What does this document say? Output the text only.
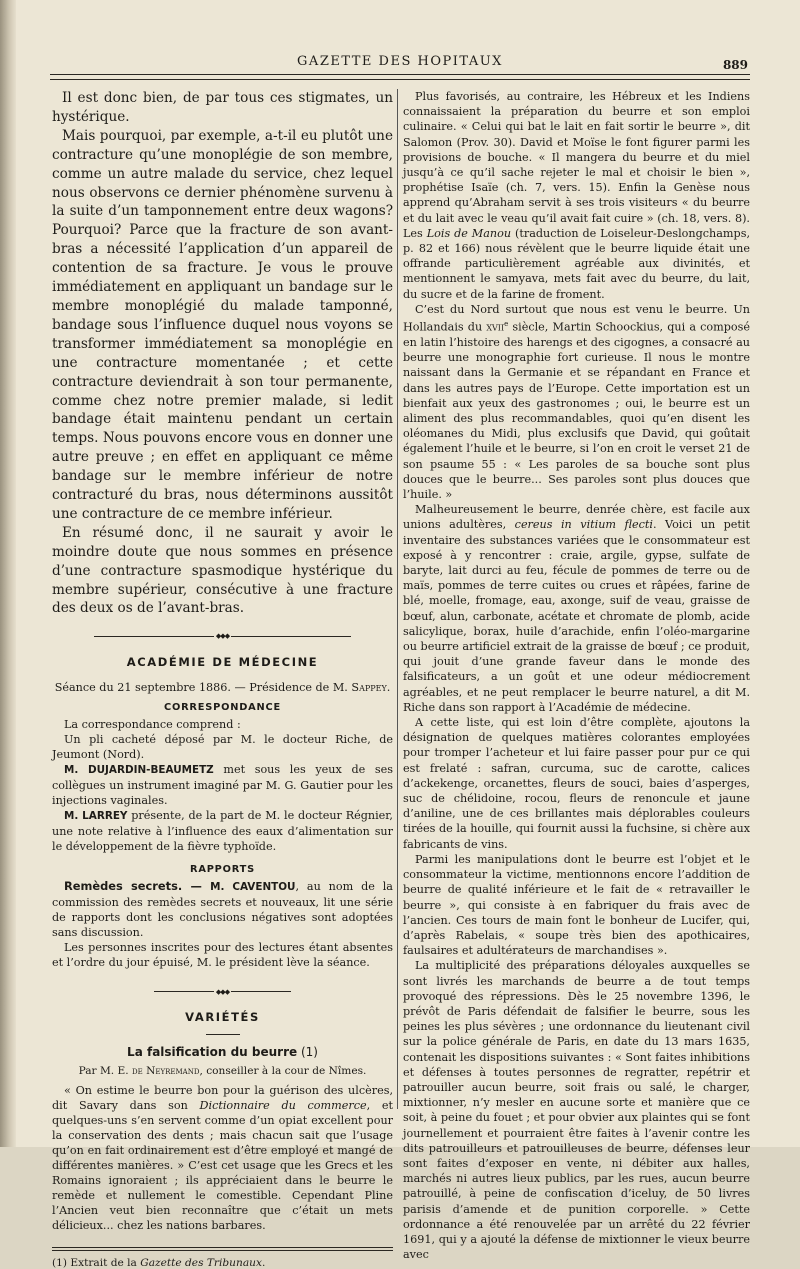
GAZETTE DES HOPITAUX	889

Il est donc bien, de par tous ces stigmates, un hystérique.

Mais pourquoi, par exemple, a-t-il eu plutôt une contracture qu’une monoplégie de son membre, comme un autre malade du service, chez lequel nous observons ce dernier phénomène survenu à la suite d’un tamponnement entre deux wagons? Pourquoi? Parce que la fracture de son avant-bras a nécessité l’application d’un appareil de contention de sa fracture. Je vous le prouve immédiatement en appliquant un bandage sur le membre monoplégié du malade tamponné, bandage sous l’influence duquel nous voyons se transformer immédiatement sa monoplégie en une contracture momentanée ; et cette contracture deviendrait à son tour permanente, comme chez notre premier malade, si ledit bandage était maintenu pendant un certain temps. Nous pouvons encore vous en donner une autre preuve ; en effet en appliquant ce même bandage sur le membre inférieur de notre contracturé du bras, nous déterminons aussitôt une contracture de ce membre inférieur.

En résumé donc, il ne saurait y avoir le moindre doute que nous sommes en présence d’une contracture spasmodique hystérique du membre supérieur, consécutive à une fracture des deux os de l’avant-bras.

◆◆◆
ACADÉMIE DE MÉDECINE
Séance du 21 septembre 1886. — Présidence de M. Sappey.
CORRESPONDANCE

La correspondance comprend :

Un pli cacheté déposé par M. le docteur Riche, de Jeumont (Nord).

M. DUJARDIN-BEAUMETZ met sous les yeux de ses collègues un instrument imaginé par M. G. Gautier pour les injections vaginales.

M. LARREY présente, de la part de M. le docteur Régnier, une note relative à l’influence des eaux d’alimentation sur le développement de la fièvre typhoïde.

RAPPORTS

Remèdes secrets. — M. CAVENTOU, au nom de la commission des remèdes secrets et nouveaux, lit une série de rapports dont les conclusions négatives sont adoptées sans discussion.

Les personnes inscrites pour des lectures étant absentes et l’ordre du jour épuisé, M. le président lève la séance.

◆◆◆
VARIÉTÉS
La falsification du beurre (1)
Par M. E. de Neyremand, conseiller à la cour de Nîmes.

« On estime le beurre bon pour la guérison des ulcères, dit Savary dans son Dictionnaire du commerce, et quelques-uns s’en servent comme d’un opiat excellent pour la conservation des dents ; mais chacun sait que l’usage qu’on en fait ordinairement est d’être employé et mangé de différentes manières. » C’est cet usage que les Grecs et les Romains ignoraient ; ils appréciaient dans le beurre le remède et nullement le comestible. Cependant Pline l’Ancien veut bien reconnaître que c’était un mets délicieux... chez les nations barbares.

(1) Extrait de la Gazette des Tribunaux.

Plus favorisés, au contraire, les Hébreux et les Indiens connaissaient la préparation du beurre et son emploi culinaire. « Celui qui bat le lait en fait sortir le beurre », dit Salomon (Prov. 30). David et Moïse le font figurer parmi les provisions de bouche. « Il mangera du beurre et du miel jusqu’à ce qu’il sache rejeter le mal et choisir le bien », prophétise Isaïe (ch. 7, vers. 15). Enfin la Genèse nous apprend qu’Abraham servit à ses trois visiteurs « du beurre et du lait avec le veau qu’il avait fait cuire » (ch. 18, vers. 8). Les Lois de Manou (traduction de Loiseleur-Deslongchamps, p. 82 et 166) nous révèlent que le beurre liquide était une offrande particulièrement agréable aux divinités, et mentionnent le samyava, mets fait avec du beurre, du lait, du sucre et de la farine de froment.

C’est du Nord surtout que nous est venu le beurre. Un Hollandais du xvii$^e$ siècle, Martin Schoockius, qui a composé en latin l’histoire des harengs et des cigognes, a consacré au beurre une monographie fort curieuse. Il nous le montre naissant dans la Germanie et se répandant en France et dans les autres pays de l’Europe. Cette importation est un bienfait aux yeux des gastronomes ; oui, le beurre est un aliment des plus recommandables, quoi qu’en disent les oléomanes du Midi, plus exclusifs que David, qui goûtait également l’huile et le beurre, si l’on en croit le verset 21 de son psaume 55 : « Les paroles de sa bouche sont plus douces que le beurre... Ses paroles sont plus douces que l’huile. »

Malheureusement le beurre, denrée chère, est facile aux unions adultères, cereus in vitium flecti. Voici un petit inventaire des substances variées que le consommateur est exposé à y rencontrer : craie, argile, gypse, sulfate de baryte, lait durci au feu, fécule de pommes de terre ou de maïs, pommes de terre cuites ou crues et râpées, farine de blé, moelle, fromage, eau, axonge, suif de veau, graisse de bœuf, alun, carbonate, acétate et chromate de plomb, acide salicylique, borax, huile d’arachide, enfin l’oléo-margarine ou beurre artificiel extrait de la graisse de bœuf ; ce produit, qui jouit d’une grande faveur dans le monde des falsificateurs, a un goût et une odeur médiocrement agréables, et ne peut remplacer le beurre naturel, a dit M. Riche dans son rapport à l’Académie de médecine.

A cette liste, qui est loin d’être complète, ajoutons la désignation de quelques matières colorantes employées pour tromper l’acheteur et lui faire passer pour pur ce qui est frelaté : safran, curcuma, suc de carotte, calices d’ackekenge, orcanettes, fleurs de souci, baies d’asperges, suc de chélidoine, rocou, fleurs de renoncule et jaune d’aniline, une de ces brillantes mais déplorables couleurs tirées de la houille, qui fournit aussi la fuchsine, si chère aux fabricants de vins.

Parmi les manipulations dont le beurre est l’objet et le consommateur la victime, mentionnons encore l’addition de beurre de qualité inférieure et le fait de « retravailler le beurre », qui consiste à en fabriquer du frais avec de l’ancien. Ces tours de main font le bonheur de Lucifer, qui, d’après Rabelais, « soupe très bien des apothicaires, faulsaires et adultérateurs de marchandises ».

La multiplicité des préparations déloyales auxquelles se sont livrés les marchands de beurre a de tout temps provoqué des répressions. Dès le 25 novembre 1396, le prévôt de Paris défendait de falsifier le beurre, sous les peines les plus sévères ; une ordonnance du lieutenant civil sur la police générale de Paris, en date du 13 mars 1635, contenait les dispositions suivantes : « Sont faites inhibitions et défenses à toutes personnes de regratter, repétrir et patrouiller aucun beurre, soit frais ou salé, le charger, mixtionner, n’y mesler en aucune sorte et manière que ce soit, à peine du fouet ; et pour obvier aux plaintes qui se font journellement et pourraient être faites à l’avenir contre les dits patrouilleurs et patrouilleuses de beurre, défenses leur sont faites d’exposer en vente, ni débiter aux halles, marchés ni autres lieux publics, par les rues, aucun beurre patrouillé, à peine de confiscation d’iceluy, de 50 livres parisis d’amende et de punition corporelle. » Cette ordonnance a été renouvelée par un arrêté du 22 février 1691, qui y a ajouté la défense de mixtionner le vieux beurre avec
